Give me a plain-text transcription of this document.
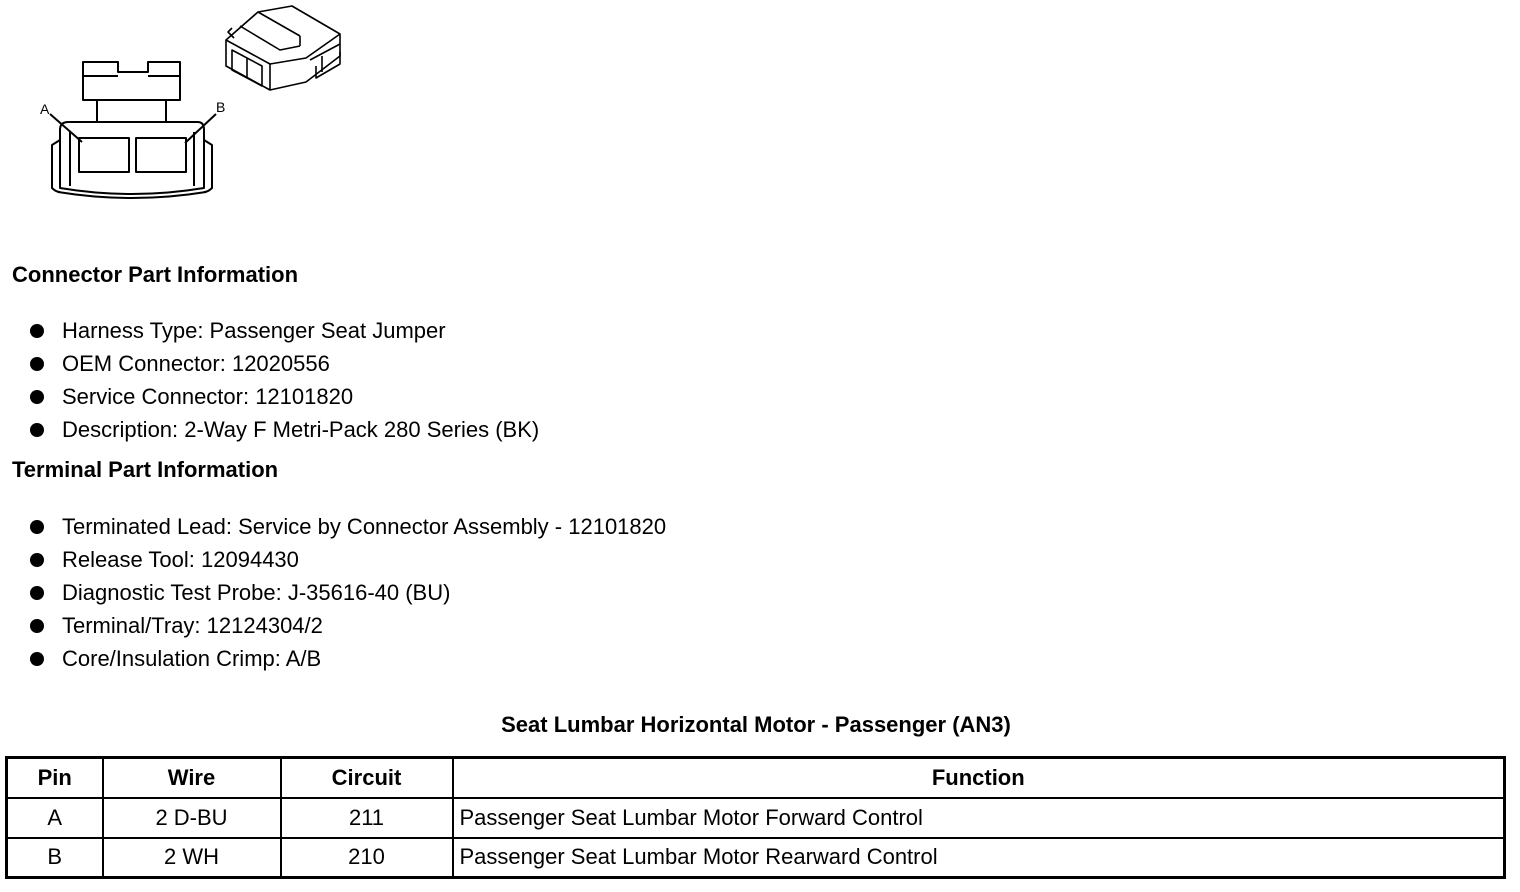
A	B
Connector Part Information
Harness Type: Passenger Seat Jumper
OEM Connector: 12020556
Service Connector: 12101820
Description: 2-Way F Metri-Pack 280 Series (BK)
Terminal Part Information
Terminated Lead: Service by Connector Assembly - 12101820
Release Tool: 12094430
Diagnostic Test Probe: J-35616-40 (BU)
Terminal/Tray: 12124304/2
Core/Insulation Crimp: A/B
Seat Lumbar Horizontal Motor - Passenger (AN3)
Pin	Wire	Circuit	Function
A	2 D-BU	211	Passenger Seat Lumbar Motor Forward Control
B	2 WH	210	Passenger Seat Lumbar Motor Rearward Control
